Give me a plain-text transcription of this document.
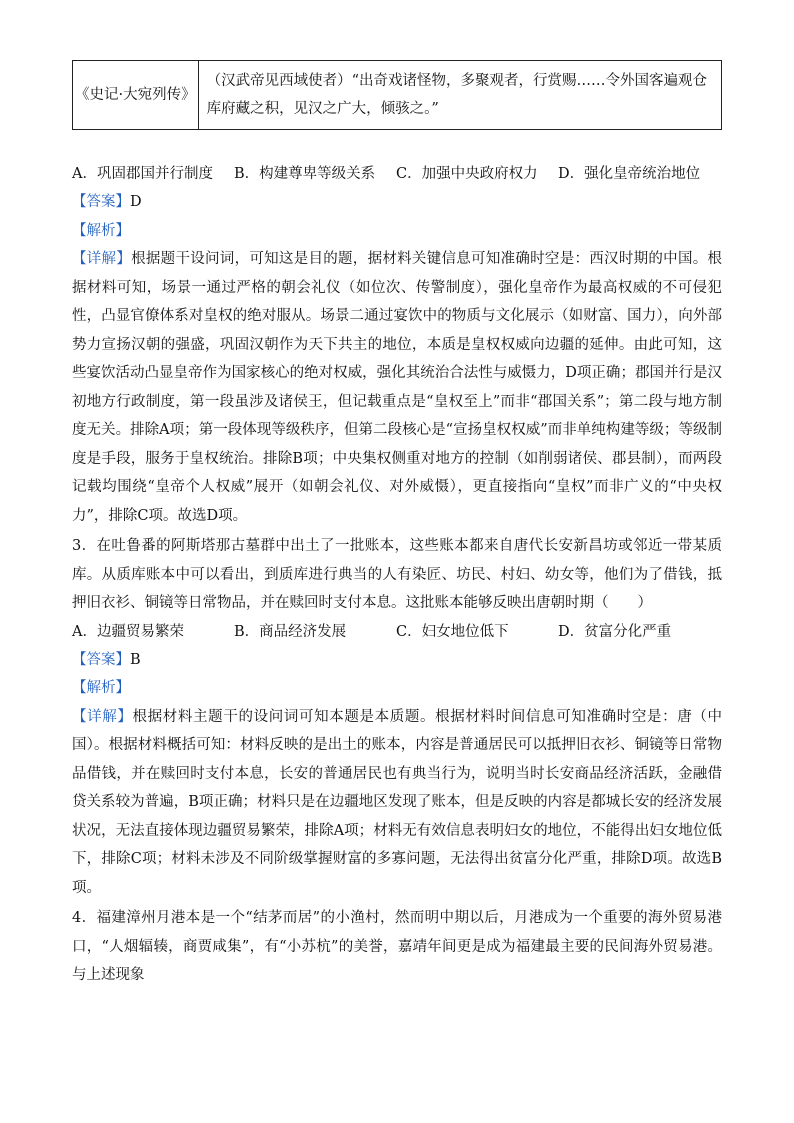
《史记·大宛列传》	（汉武帝见西域使者）“出奇戏诸怪物，多聚观者，行赏赐……令外国客遍观仓库府藏之积，见汉之广大，倾骇之。”
A．巩固郡国并行制度	B．构建尊卑等级关系	C．加强中央政府权力	D．强化皇帝统治地位

【答案】D

【解析】

【详解】根据题干设问词，可知这是目的题，据材料关键信息可知准确时空是：西汉时期的中国。根据材料可知，场景一通过严格的朝会礼仪（如位次、传警制度），强化皇帝作为最高权威的不可侵犯性，凸显官僚体系对皇权的绝对服从。场景二通过宴饮中的物质与文化展示（如财富、国力），向外部势力宣扬汉朝的强盛，巩固汉朝作为天下共主的地位，本质是皇权权威向边疆的延伸。由此可知，这些宴饮活动凸显皇帝作为国家核心的绝对权威，强化其统治合法性与威慑力，D项正确；郡国并行是汉初地方行政制度，第一段虽涉及诸侯王，但记载重点是“皇权至上”而非“郡国关系”；第二段与地方制度无关。排除A项；第一段体现等级秩序，但第二段核心是“宣扬皇权权威”而非单纯构建等级；等级制度是手段，服务于皇权统治。排除B项；中央集权侧重对地方的控制（如削弱诸侯、郡县制），而两段记载均围绕“皇帝个人权威”展开（如朝会礼仪、对外威慑），更直接指向“皇权”而非广义的“中央权力”，排除C项。故选D项。

3．在吐鲁番的阿斯塔那古墓群中出土了一批账本，这些账本都来自唐代长安新昌坊或邻近一带某质库。从质库账本中可以看出，到质库进行典当的人有染匠、坊民、村妇、幼女等，他们为了借钱，抵押旧衣衫、铜镜等日常物品，并在赎回时支付本息。这批账本能够反映出唐朝时期（　　）

A．边疆贸易繁荣	B．商品经济发展	C．妇女地位低下	D．贫富分化严重

【答案】B

【解析】

【详解】根据材料主题干的设问词可知本题是本质题。根据材料时间信息可知准确时空是：唐（中国）。根据材料概括可知：材料反映的是出土的账本，内容是普通居民可以抵押旧衣衫、铜镜等日常物品借钱，并在赎回时支付本息，长安的普通居民也有典当行为，说明当时长安商品经济活跃，金融借贷关系较为普遍，B项正确；材料只是在边疆地区发现了账本，但是反映的内容是都城长安的经济发展状况，无法直接体现边疆贸易繁荣，排除A项；材料无有效信息表明妇女的地位，不能得出妇女地位低下，排除C项；材料未涉及不同阶级掌握财富的多寡问题，无法得出贫富分化严重，排除D项。故选B项。

4．福建漳州月港本是一个“结茅而居”的小渔村，然而明中期以后，月港成为一个重要的海外贸易港口，“人烟辐辏，商贾咸集”，有“小苏杭”的美誉，嘉靖年间更是成为福建最主要的民间海外贸易港。与上述现象
